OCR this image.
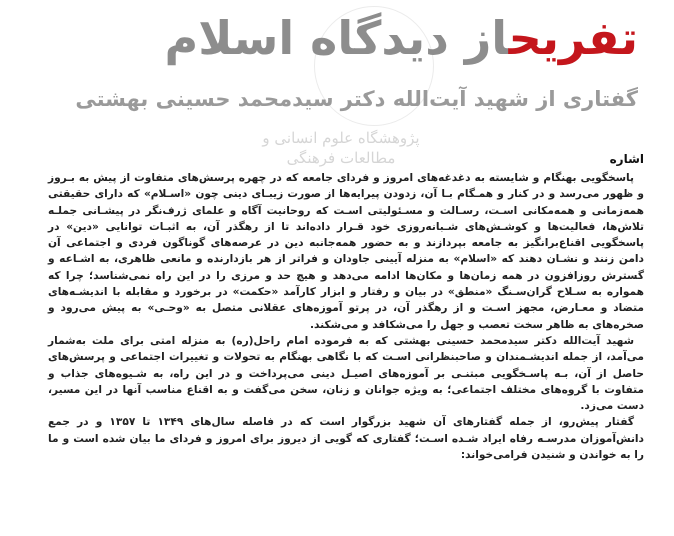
پژوهشگاه علوم انسانی و مطالعات فرهنگی
تفریحاز دیدگاه اسلام
گفتاری از شهید آیت‌الله دکتر سیدمحمد حسینی بهشتی
اشاره

پاسخگویی بهنگام و شایسته به دغدغه‌های امروز و فردای جامعه که در چهره پرسش‌های متفاوت از پیش به بـروز و ظهور می‌رسد و در کنار و همـگام بـا آن، زدودن پیرایه‌ها از صورت زیبـای دینی چون «اسـلام» که دارای حقیقتی همه‌زمانی و همه‌مکانی اسـت، رسـالت و مسـئولیتی اسـت که روحانیت آگاه و علمای ژرف‌نگر در پیشـانی جملـه تلاش‌ها، فعالیت‌ها و کوشـش‌های شـبانه‌روزی خود قـرار داده‌اند تا از رهگذر آن، به اثبـات توانایی «دین» در پاسخگویی اقناع‌برانگیز به جامعه بپردازند و به حضور همه‌جانبه دین در عرصه‌های گوناگون فردی و اجتماعی آن دامن زنند و نشـان دهند که «اسلام» به منزله آیینی جاودان و فراتر از هر بازدارنده و مانعی ظاهری، به اشـاعه و گسترش روزافزون در همه زمان‌ها و مکان‌ها ادامه می‌دهد و هیچ حد و مرزی را در این راه نمی‌شناسد؛ چرا که همواره به سـلاح گران‌سـنگ «منطق» در بیان و رفتار و ابزار کارآمد «حکمت» در برخورد و مقابله با اندیشـه‌های متضاد و معـارض، مجهز اسـت و از رهگذر آن، در پرتو آموزه‌های عقلانی متصل به «وحـی» به پیش می‌رود و صخره‌های به ظاهر سخت تعصب و جهل را می‌شکافد و می‌شکند.

شهید آیت‌الله دکتر سیدمحمد حسینی بهشتی که به فرموده امام راحل(ره) به منزله امتی برای ملت به‌شمار می‌آمد، از جمله اندیشـمندان و صاحبنظرانی اسـت که با نگاهی بهنگام به تحولات و تغییرات اجتماعی و پرسش‌های حاصل از آن، بـه پاسـخگویی مبتنـی بر آموزه‌های اصیـل دینی می‌پرداخت و در این راه، به شـیوه‌های جذاب و متفاوت با گروه‌های مختلف اجتماعی؛ به ویژه جوانان و زنان، سخن می‌گفت و به اقناع مناسب آنها در این مسیر، دست می‌زد.

گفتار پیش‌رو، از جمله گفتارهای آن شهید بزرگوار است که در فاصله سال‌های ۱۳۴۹ تا ۱۳۵۷ و در جمع دانش‌آموزان مدرسـه رفاه ایراد شـده اسـت؛ گفتاری که گویی از دیروز برای امروز و فردای ما بیان شده است و ما را به خواندن و شنیدن فرامی‌خواند:
